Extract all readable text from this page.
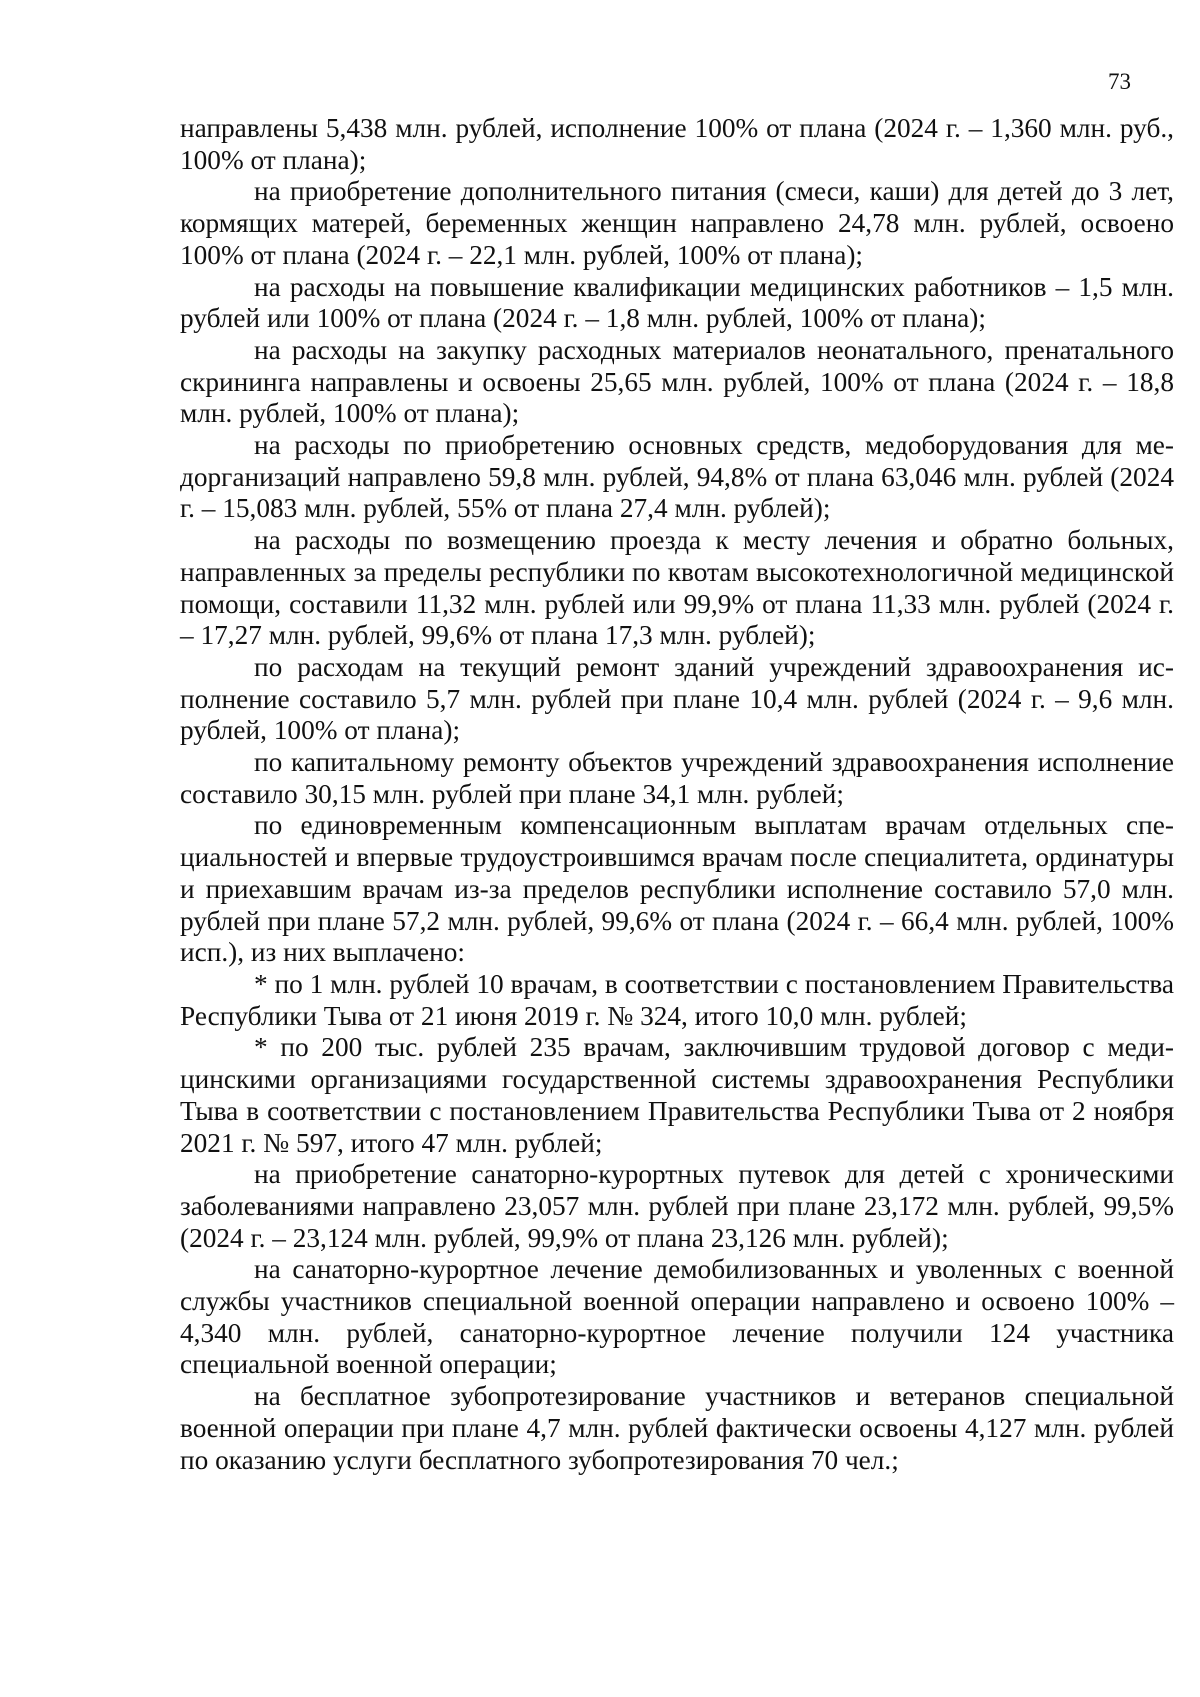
73

направлены 5,438 млн. рублей, исполнение 100% от плана (2024 г. – 1,360 млн. руб., 100% от плана);

на приобретение дополнительного питания (смеси, каши) для детей до 3 лет, кормящих матерей, беременных женщин направлено 24,78 млн. рублей, освоено 100% от плана (2024 г. – 22,1 млн. рублей, 100% от плана);

на расходы на повышение квалификации медицинских работников – 1,5 млн. рублей или 100% от плана (2024 г. – 1,8 млн. рублей, 100% от плана);

на расходы на закупку расходных материалов неонатального, пренатального скрининга направлены и освоены 25,65 млн. рублей, 100% от плана (2024 г. – 18,8 млн. рублей, 100% от плана);

на расходы по приобретению основных средств, медоборудования для медорганизаций направлено 59,8 млн. рублей, 94,8% от плана 63,046 млн. рублей (2024 г. – 15,083 млн. рублей, 55% от плана 27,4 млн. рублей);

на расходы по возмещению проезда к месту лечения и обратно больных, направленных за пределы республики по квотам высокотехнологичной медицинской помощи, составили 11,32 млн. рублей или 99,9% от плана 11,33 млн. рублей (2024 г. – 17,27 млн. рублей, 99,6% от плана 17,3 млн. рублей);

по расходам на текущий ремонт зданий учреждений здравоохранения исполнение составило 5,7 млн. рублей при плане 10,4 млн. рублей (2024 г. – 9,6 млн. рублей, 100% от плана);

по капитальному ремонту объектов учреждений здравоохранения исполнение составило 30,15 млн. рублей при плане 34,1 млн. рублей;

по единовременным компенсационным выплатам врачам отдельных специальностей и впервые трудоустроившимся врачам после специалитета, ординатуры и приехавшим врачам из-за пределов республики исполнение составило 57,0 млн. рублей при плане 57,2 млн. рублей, 99,6% от плана (2024 г. – 66,4 млн. рублей, 100% исп.), из них выплачено:

* по 1 млн. рублей 10 врачам, в соответствии с постановлением Правительства Республики Тыва от 21 июня 2019 г. № 324, итого 10,0 млн. рублей;

* по 200 тыс. рублей 235 врачам, заключившим трудовой договор с медицинскими организациями государственной системы здравоохранения Республики Тыва в соответствии с постановлением Правительства Республики Тыва от 2 ноября 2021 г. № 597, итого 47 млн. рублей;

на приобретение санаторно-курортных путевок для детей с хроническими заболеваниями направлено 23,057 млн. рублей при плане 23,172 млн. рублей, 99,5% (2024 г. – 23,124 млн. рублей, 99,9% от плана 23,126 млн. рублей);

на санаторно-курортное лечение демобилизованных и уволенных с военной службы участников специальной военной операции направлено и освоено 100% – 4,340 млн. рублей, санаторно-курортное лечение получили 124 участника специальной военной операции;

на бесплатное зубопротезирование участников и ветеранов специальной военной операции при плане 4,7 млн. рублей фактически освоены 4,127 млн. рублей по оказанию услуги бесплатного зубопротезирования 70 чел.;
